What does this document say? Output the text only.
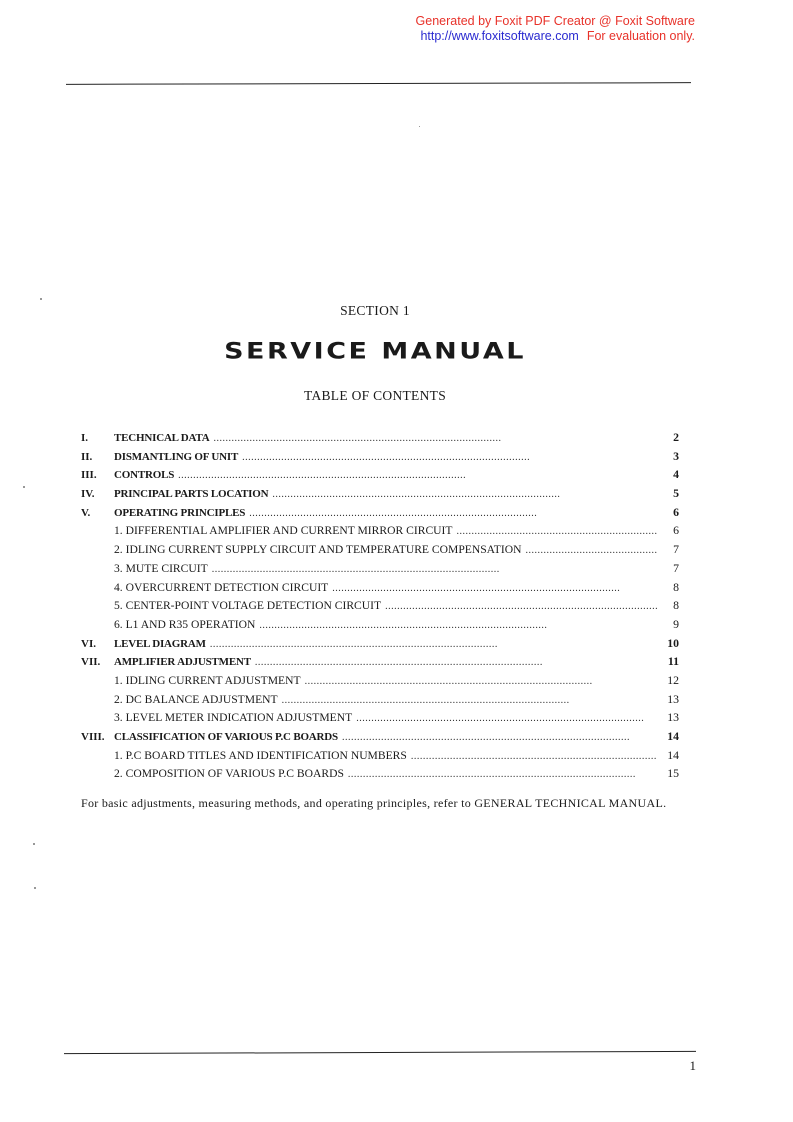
Generated by Foxit PDF Creator @ Foxit Software
http://www.foxitsoftware.com For evaluation only.
SECTION 1
SERVICE MANUAL
TABLE OF CONTENTS
I.	TECHNICAL DATA . . .	2
II.	DISMANTLING OF UNIT . . .	3
III.	CONTROLS . . .	4
IV.	PRINCIPAL PARTS LOCATION . . .	5
V.	OPERATING PRINCIPLES . . .	6
1. DIFFERENTIAL AMPLIFIER AND CURRENT MIRROR CIRCUIT . . .	6
2. IDLING CURRENT SUPPLY CIRCUIT AND TEMPERATURE COMPENSATION . . .	7
3. MUTE CIRCUIT . . .	7
4. OVERCURRENT DETECTION CIRCUIT . . .	8
5. CENTER-POINT VOLTAGE DETECTION CIRCUIT . . .	8
6. L1 AND R35 OPERATION . . .	9
VI.	LEVEL DIAGRAM . . .	10
VII.	AMPLIFIER ADJUSTMENT . . .	11
1. IDLING CURRENT ADJUSTMENT . . .	12
2. DC BALANCE ADJUSTMENT . . .	13
3. LEVEL METER INDICATION ADJUSTMENT . . .	13
VIII. CLASSIFICATION OF VARIOUS P.C BOARDS . . .	14
1. P.C BOARD TITLES AND IDENTIFICATION NUMBERS . . .	14
2. COMPOSITION OF VARIOUS P.C BOARDS . . .	15
For basic adjustments, measuring methods, and operating principles, refer to GENERAL TECHNICAL MANUAL.
1
